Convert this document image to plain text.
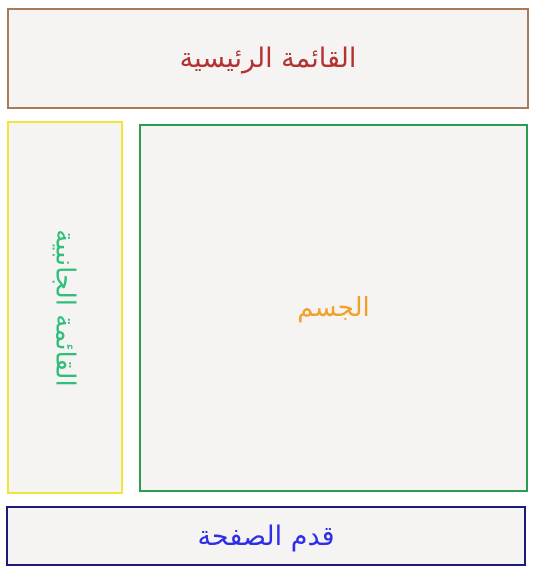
القائمة الرئيسية
القائمة الجانبية	الجسم
قدم الصفحة
